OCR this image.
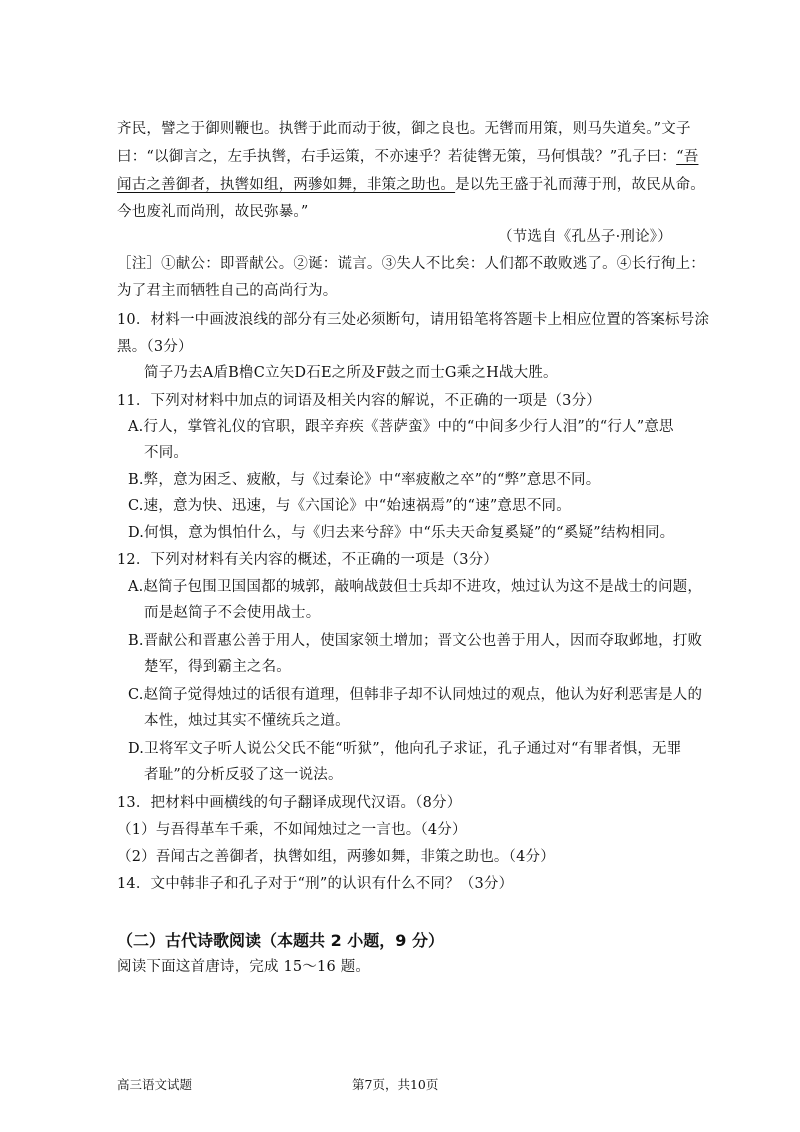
齐民，譬之于御则鞭也。执辔于此而动于彼，御之良也。无辔而用策，则马失道矣。”文子
曰：“以御言之，左手执辔，右手运策，不亦速乎？若徒辔无策，马何惧哉？”孔子曰：“吾
闻古之善御者，执辔如组，两骖如舞，非策之助也。是以先王盛于礼而薄于刑，故民从命。
今也废礼而尚刑，故民弥暴。”
（节选自《孔丛子·刑论》）
［注］①献公：即晋献公。②诞：谎言。③失人不比矣：人们都不敢败逃了。④长行徇上：
为了君主而牺牲自己的高尚行为。
10．材料一中画波浪线的部分有三处必须断句，请用铅笔将答题卡上相应位置的答案标号涂
黑。（3分）
简子乃去A盾B橹C立矢D石E之所及F鼓之而士G乘之H战大胜。
11．下列对材料中加点的词语及相关内容的解说，不正确的一项是（3分）
A.行人，掌管礼仪的官职，跟辛弃疾《菩萨蛮》中的“中间多少行人泪”的“行人”意思
不同。
B.弊，意为困乏、疲敝，与《过秦论》中“率疲敝之卒”的“弊”意思不同。
C.速，意为快、迅速，与《六国论》中“始速祸焉”的“速”意思不同。
D.何惧，意为惧怕什么，与《归去来兮辞》中“乐夫天命复奚疑”的“奚疑”结构相同。
12．下列对材料有关内容的概述，不正确的一项是（3分）
A.赵简子包围卫国国都的城郭，敲响战鼓但士兵却不进攻，烛过认为这不是战士的问题，
而是赵简子不会使用战士。
B.晋献公和晋惠公善于用人，使国家领土增加；晋文公也善于用人，因而夺取邺地，打败
楚军，得到霸主之名。
C.赵简子觉得烛过的话很有道理，但韩非子却不认同烛过的观点，他认为好利恶害是人的
本性，烛过其实不懂统兵之道。
D.卫将军文子听人说公父氏不能“听狱”，他向孔子求证，孔子通过对“有罪者惧，无罪
者耻”的分析反驳了这一说法。
13．把材料中画横线的句子翻译成现代汉语。（8分）
（1）与吾得革车千乘，不如闻烛过之一言也。（4分）
（2）吾闻古之善御者，执辔如组，两骖如舞，非策之助也。（4分）
14．文中韩非子和孔子对于“刑”的认识有什么不同？（3分）
（二）古代诗歌阅读（本题共 2 小题，9 分）
阅读下面这首唐诗，完成 15～16 题。
高三语文试题	第7页，共10页
